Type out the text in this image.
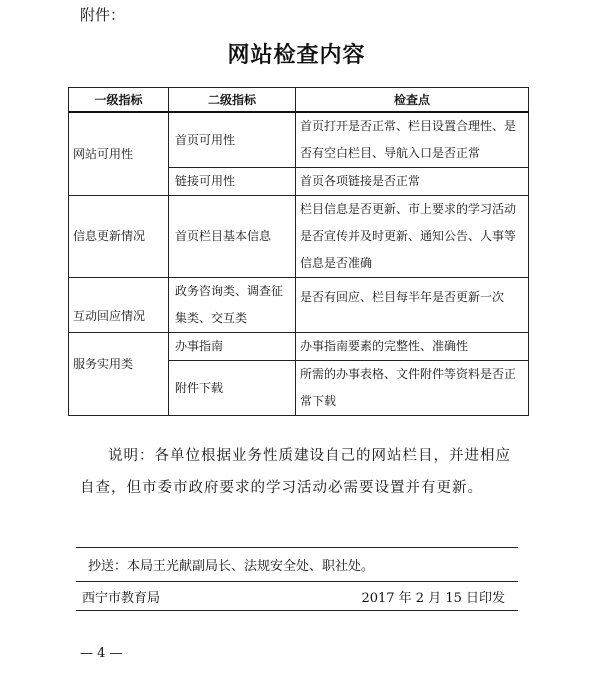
附件：
网站检查内容
一级指标	二级指标	检查点
网站可用性	首页可用性	首页打开是否正常、栏目设置合理性、是否有空白栏目、导航入口是否正常
	链接可用性	首页各项链接是否正常
信息更新情况	首页栏目基本信息	栏目信息是否更新、市上要求的学习活动是否宣传并及时更新、通知公告、人事等信息是否准确
互动回应情况	政务咨询类、调查征集类、交互类	是否有回应、栏目每半年是否更新一次
服务实用类	办事指南	办事指南要素的完整性、准确性
	附件下载	所需的办事表格、文件附件等资料是否正常下载
说明：各单位根据业务性质建设自己的网站栏目，并进相应自查，但市委市政府要求的学习活动必需要设置并有更新。
抄送：本局王光献副局长、法规安全处、职社处。
西宁市教育局	2017 年 2 月 15 日印发
— 4 —
